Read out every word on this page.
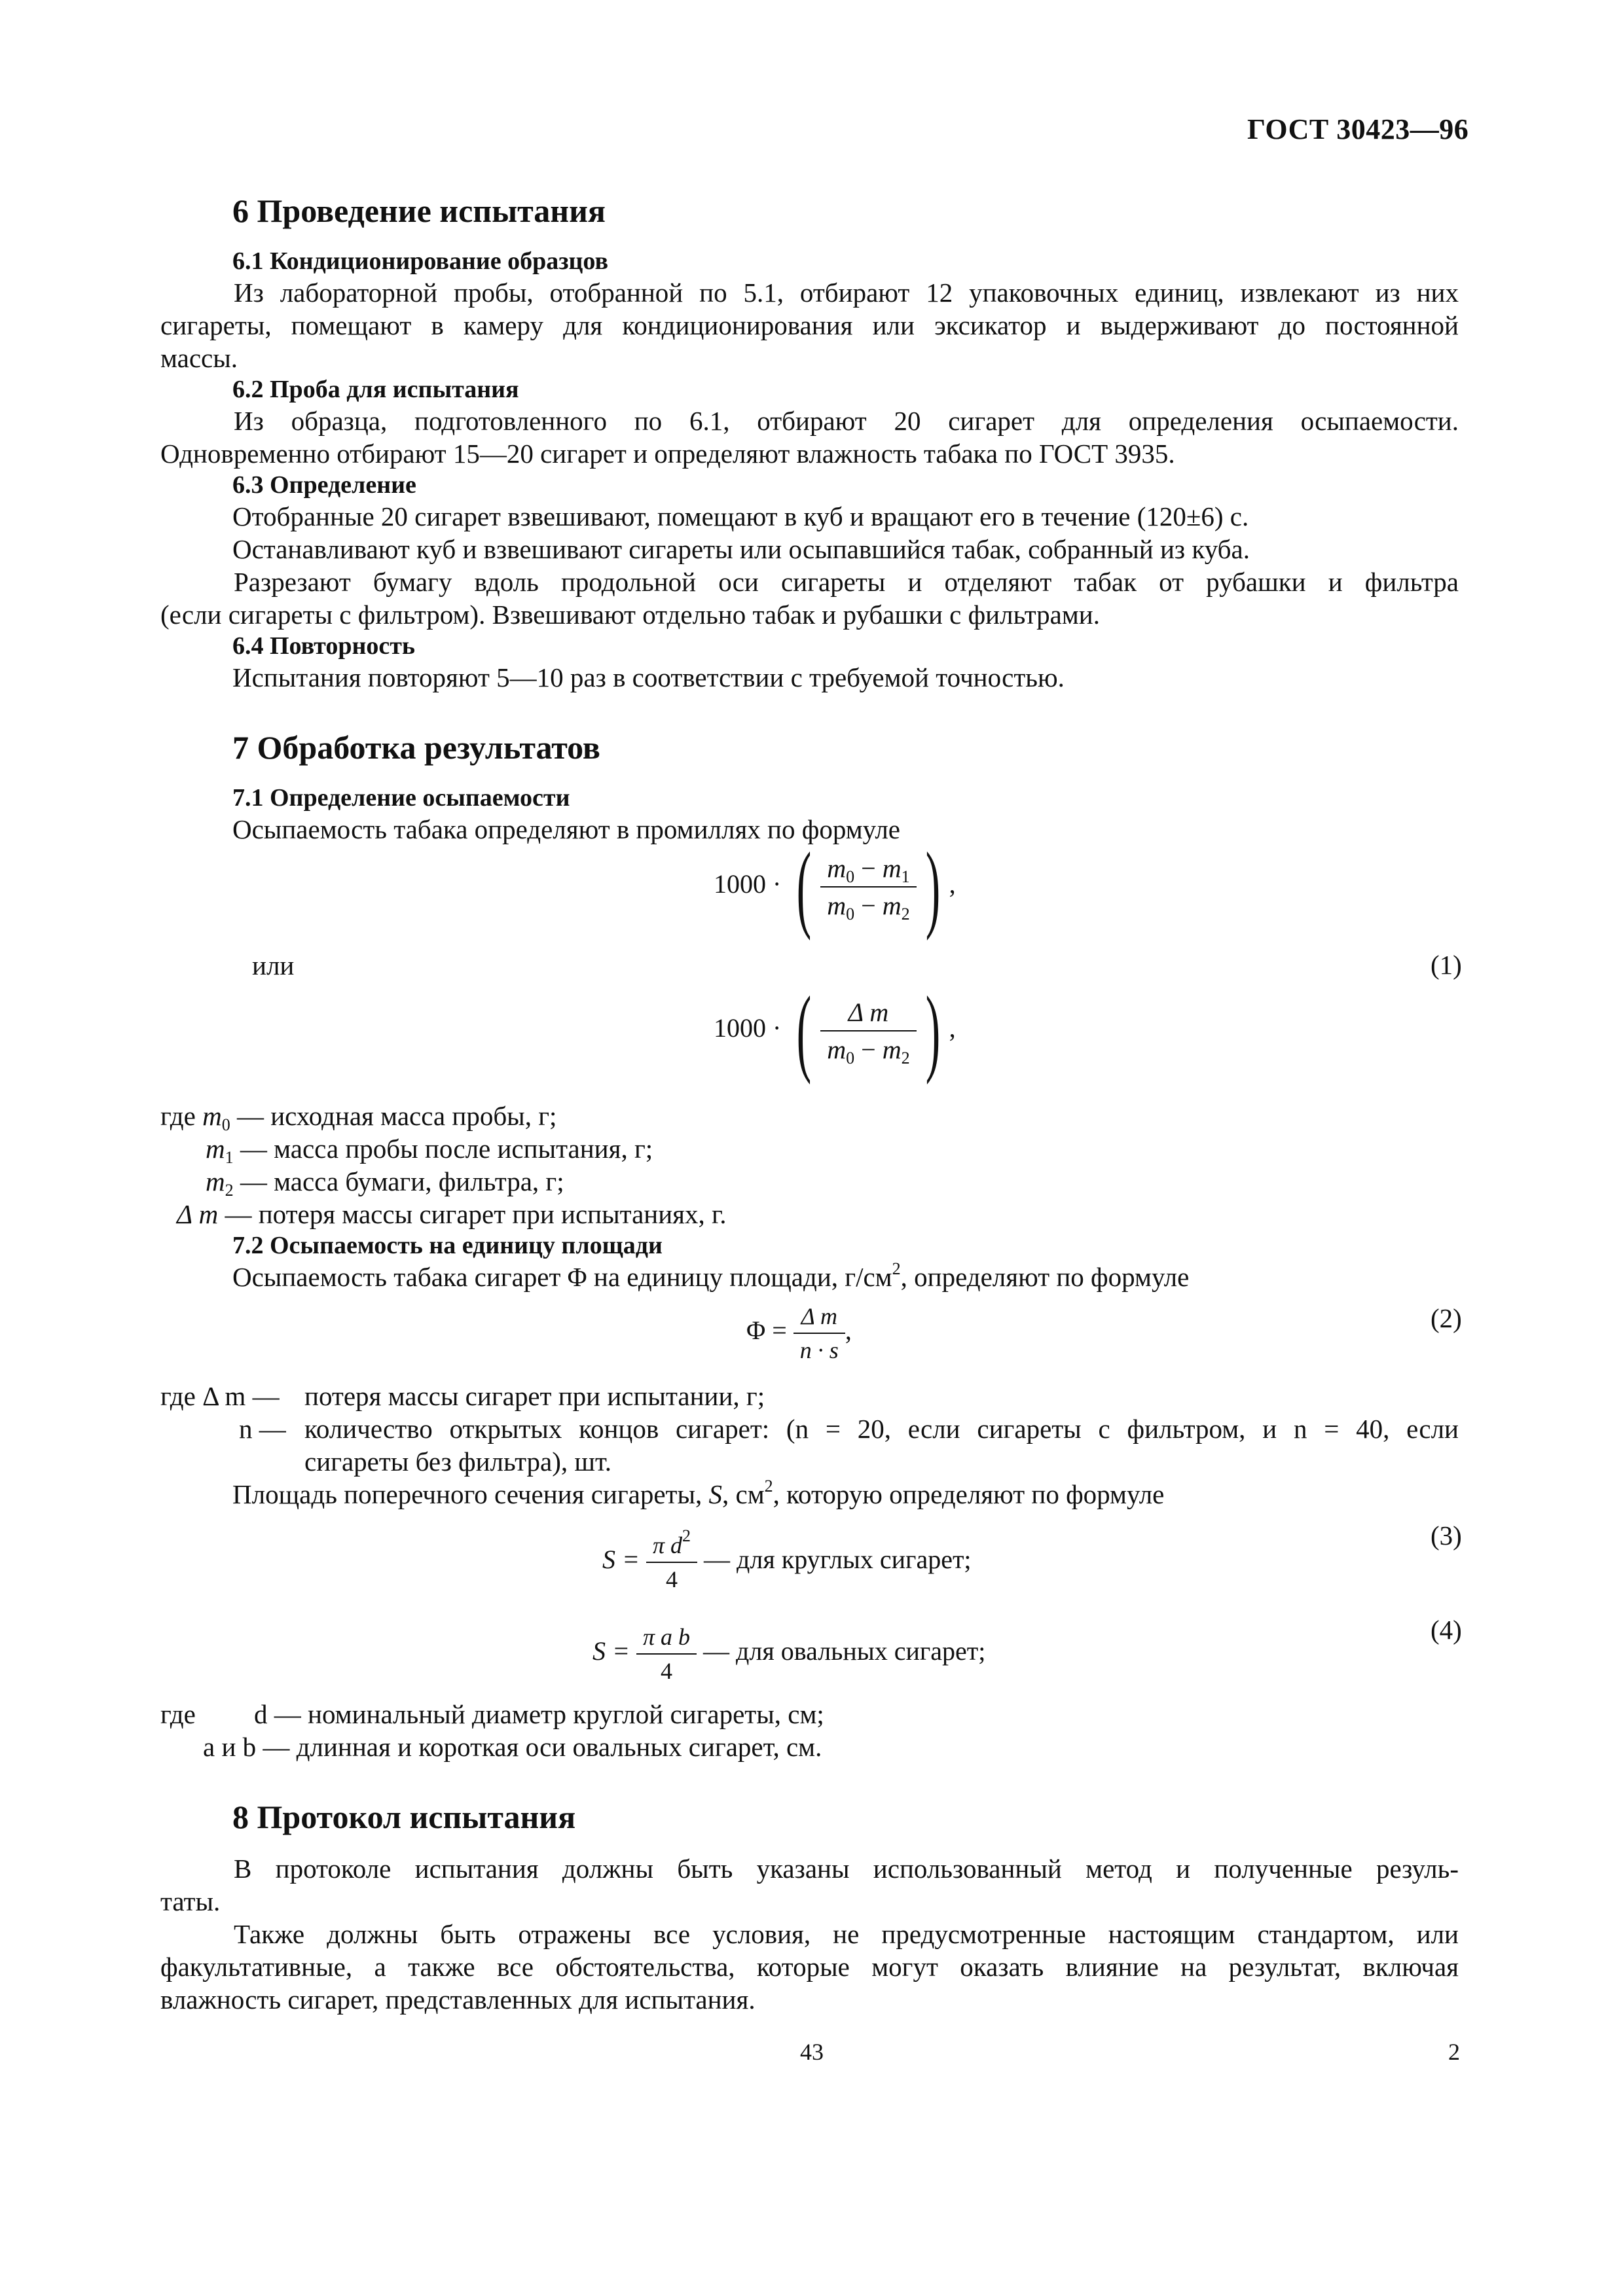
ГОСТ 30423—96
6 Проведение испытания
6.1 Кондиционирование образцов
Из лабораторной пробы, отобранной по 5.1, отбирают 12 упаковочных единиц, извлекают из них
сигареты, помещают в камеру для кондиционирования или эксикатор и выдерживают до постоянной
массы.
6.2 Проба для испытания
Из образца, подготовленного по 6.1, отбирают 20 сигарет для определения осыпаемости.
Одновременно отбирают 15—20 сигарет и определяют влажность табака по ГОСТ 3935.
6.3 Определение
Отобранные 20 сигарет взвешивают, помещают в куб и вращают его в течение (120±6) с.
Останавливают куб и взвешивают сигареты или осыпавшийся табак, собранный из куба.
Разрезают бумагу вдоль продольной оси сигареты и отделяют табак от рубашки и фильтра
(если сигареты с фильтром). Взвешивают отдельно табак и рубашки с фильтрами.
6.4 Повторность
Испытания повторяют 5—10 раз в соответствии с требуемой точностью.
7 Обработка результатов
7.1 Определение осыпаемости
Осыпаемость табака определяют в промиллях по формуле
1000 · ( $\frac{m_0 - m_1}{m_0 - m_2}$ ) ,
или	(1)
1000 · ( $\frac{\text{Δ m}}{m_0 - m_2}$ ) ,
где $m_0$ — исходная масса пробы, г;
$m_1$ — масса пробы после испытания, г;
$m_2$ — масса бумаги, фильтра, г;
Δ m — потеря массы сигарет при испытаниях, г.
7.2 Осыпаемость на единицу площади
Осыпаемость табака сигарет Φ на единицу площади, $г/см^2$, определяют по формуле
$\Phi = \frac{\text{Δ m}}{n \cdot s}$ ,	(2)
где Δ m — потеря массы сигарет при испытании, г;
n — количество открытых концов сигарет: (n = 20, если сигареты с фильтром, и n = 40, если
сигареты без фильтра), шт.
Площадь поперечного сечения сигареты, S, $см^2$, которую определяют по формуле
$S = \frac{\pi d^2}{4}$ — для круглых сигарет;
(3)
$S = \frac{\text{π a b}}{4}$ — для овальных сигарет;
(4)
где d — номинальный диаметр круглой сигареты, см;
a и b — длинная и короткая оси овальных сигарет, см.
8 Протокол испытания
В протоколе испытания должны быть указаны использованный метод и полученные резуль-
таты.
Также должны быть отражены все условия, не предусмотренные настоящим стандартом, или
факультативные, а также все обстоятельства, которые могут оказать влияние на результат, включая
влажность сигарет, представленных для испытания.
43	2
